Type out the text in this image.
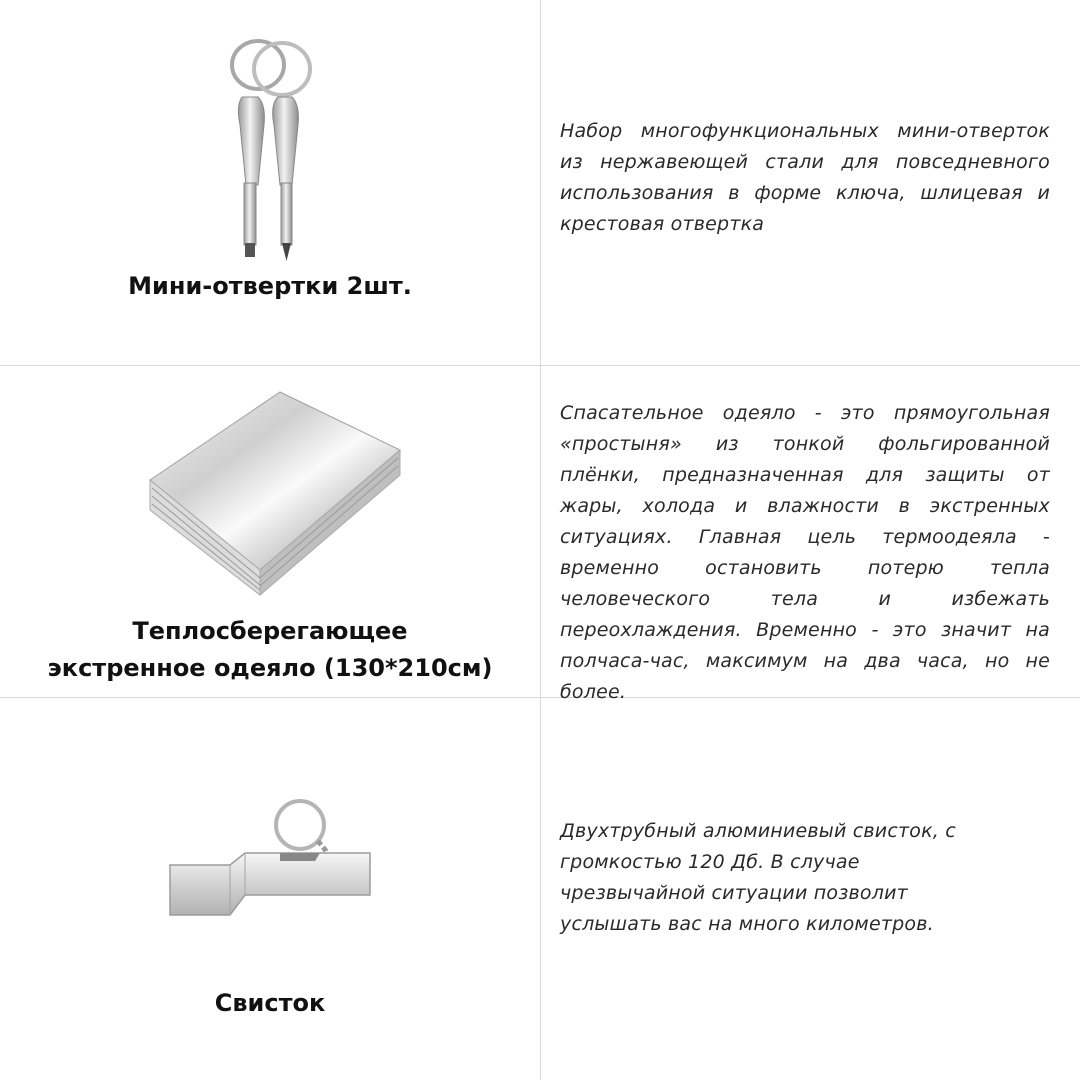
Мини-отвертки 2шт.

Набор многофункциональных мини-отверток из нержавеющей стали для повседневного использования в форме ключа, шлицевая и крестовая отвертка

Теплосберегающее
экстренное одеяло (130*210см)

Спасательное одеяло - это прямоугольная «простыня» из тонкой фольгированной плёнки, предназначенная для защиты от жары, холода и влажности в экстренных ситуациях. Главная цель термоодеяла - временно остановить потерю тепла человеческого тела и избежать переохлаждения. Временно - это значит на полчаса-час, максимум на два часа, но не более.

Свисток

Двухтрубный алюминиевый свисток, с громкостью 120 Дб. В случае чрезвычайной ситуации позволит услышать вас на много километров.
